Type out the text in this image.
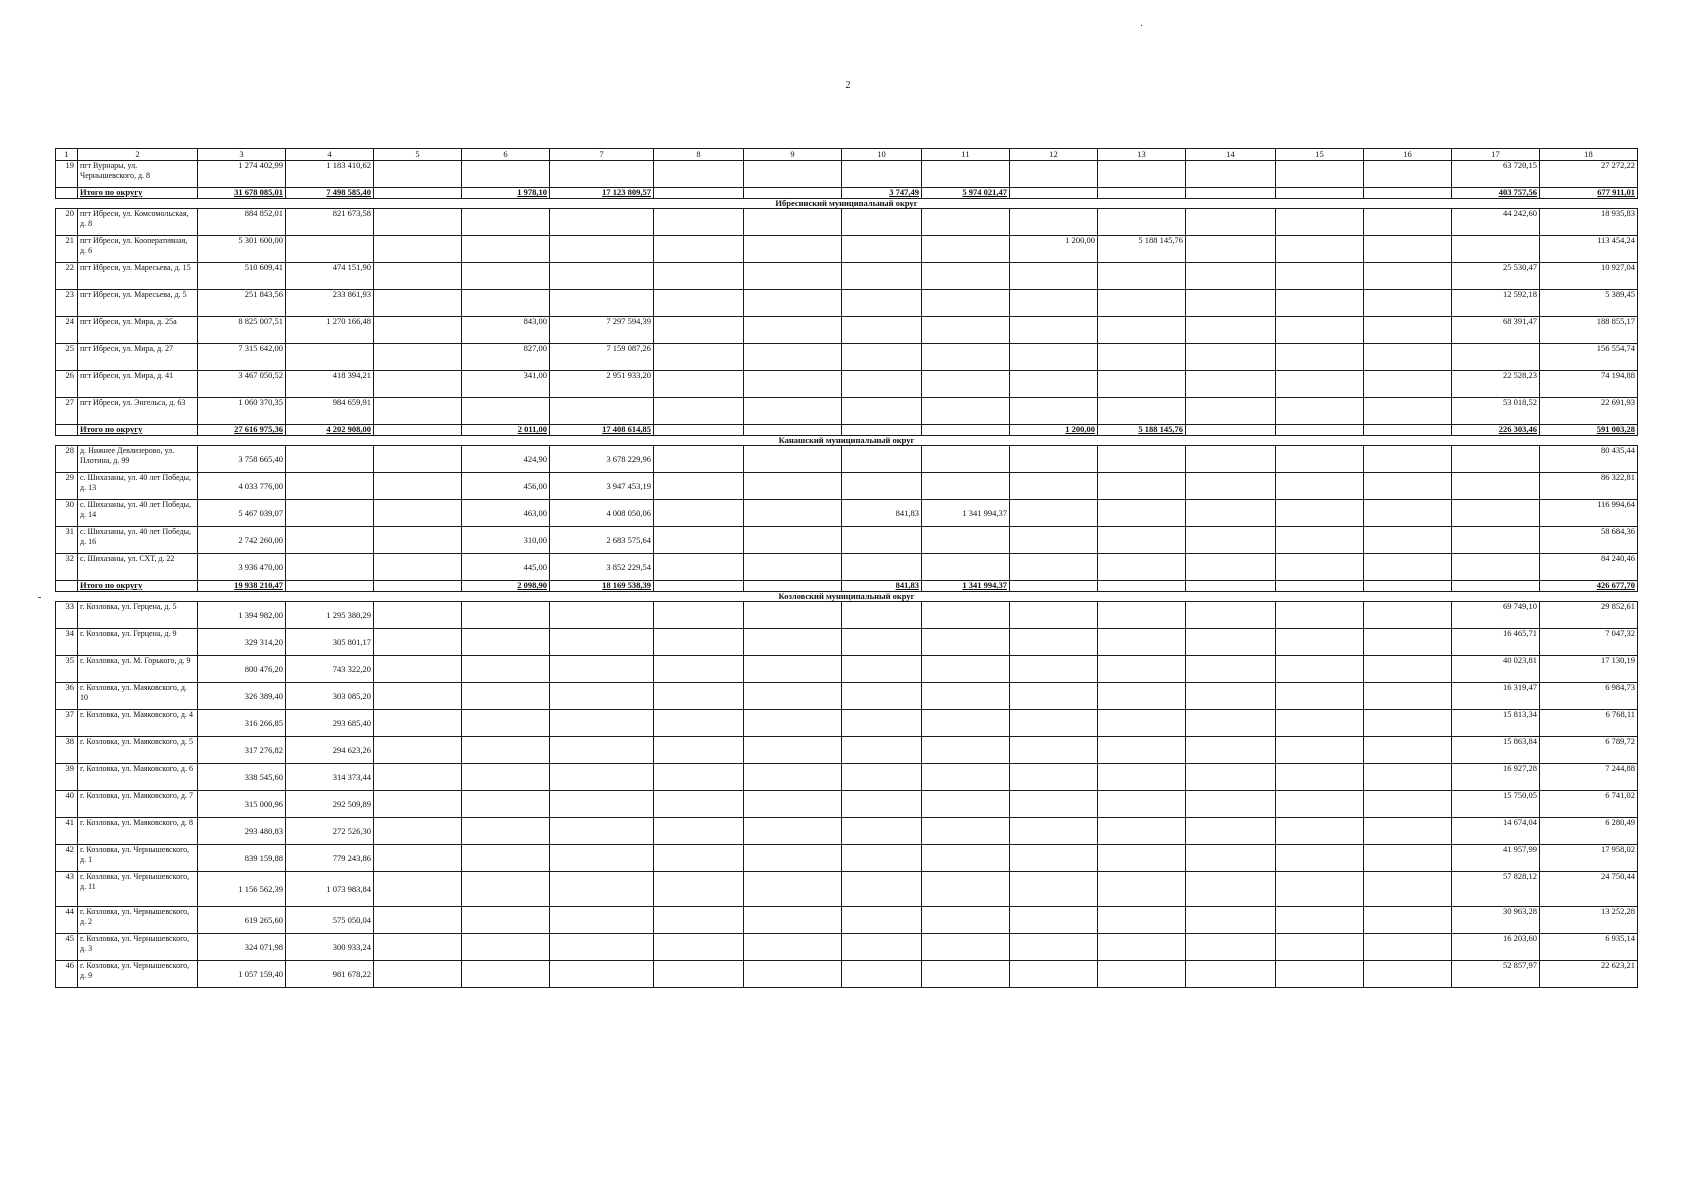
2
·
-
1	2	3	4	5	6	7	8	9	10	11	12	13	14	15	16	17	18
19	пгт Вурнары, ул. Чернышевского, д. 8	1 274 402,99	1 183 410,62													63 720,15	27 272,22
	Итого по округу	31 678 085,01	7 498 585,40		1 978,10	17 123 809,57			3 747,49	5 974 021,47						403 757,56	677 911,01
Ибресинский муниципальный округ																	
20	пгт Ибреси, ул. Комсомольская, д. 8	884 852,01	821 673,58													44 242,60	18 935,83
21	пгт Ибреси, ул. Кооперативная, д. 6	5 301 600,00									1 200,00	5 188 145,76					113 454,24
22	пгт Ибреси, ул. Маресьева, д. 15	510 609,41	474 151,90													25 530,47	10 927,04
23	пгт Ибреси, ул. Маресьева, д. 5	251 843,56	233 861,93													12 592,18	5 389,45
24	пгт Ибреси, ул. Мира, д. 25а	8 825 007,51	1 270 166,48		843,00	7 297 594,39										68 391,47	188 855,17
25	пгт Ибреси, ул. Мира, д. 27	7 315 642,00			827,00	7 159 087,26											156 554,74
26	пгт Ибреси, ул. Мира, д. 41	3 467 050,52	418 394,21		341,00	2 951 933,20										22 528,23	74 194,88
27	пгт Ибреси, ул. Энгельса, д. 63	1 060 370,35	984 659,91													53 018,52	22 691,93
	Итого по округу	27 616 975,36	4 202 908,00		2 011,00	17 408 614,85					1 200,00	5 188 145,76				226 303,46	591 003,28
Канашский муниципальный округ																	
28	д. Нижнее Девлизерово, ул. Плотина, д. 99	3 758 665,40			424,90	3 678 229,96											80 435,44
29	с. Шихазаны, ул. 40 лет Победы, д. 13	4 033 776,00			456,00	3 947 453,19											86 322,81
30	с. Шихазаны, ул. 40 лет Победы, д. 14	5 467 039,07			463,00	4 008 050,06			841,83	1 341 994,37							116 994,64
31	с. Шихазаны, ул. 40 лет Победы, д. 16	2 742 260,00			310,00	2 683 575,64											58 684,36
32	с. Шихазаны, ул. СХТ, д. 22	3 936 470,00			445,00	3 852 229,54											84 240,46
	Итого по округу	19 938 210,47			2 098,90	18 169 538,39			841,83	1 341 994,37							426 677,70
Козловский муниципальный округ																	
33	г. Козловка, ул. Герцена, д. 5	1 394 982,00	1 295 380,29													69 749,10	29 852,61
34	г. Козловка, ул. Герцена, д. 9	329 314,20	305 801,17													16 465,71	7 047,32
35	г. Козловка, ул. М. Горького, д. 9	800 476,20	743 322,20													40 023,81	17 130,19
36	г. Козловка, ул. Маяковского, д. 10	326 389,40	303 085,20													16 319,47	6 984,73
37	г. Козловка, ул. Маяковского, д. 4	316 266,85	293 685,40													15 813,34	6 768,11
38	г. Козловка, ул. Маяковского, д. 5	317 276,82	294 623,26													15 863,84	6 789,72
39	г. Козловка, ул. Маяковского, д. 6	338 545,60	314 373,44													16 927,28	7 244,88
40	г. Козловка, ул. Маяковского, д. 7	315 000,96	292 509,89													15 750,05	6 741,02
41	г. Козловка, ул. Маяковского, д. 8	293 480,83	272 526,30													14 674,04	6 280,49
42	г. Козловка, ул. Чернышевского, д. 1	839 159,88	779 243,86													41 957,99	17 958,02
43	г. Козловка, ул. Чернышевского, д. 11	1 156 562,39	1 073 983,84													57 828,12	24 750,44
44	г. Козловка, ул. Чернышевского, д. 2	619 265,60	575 050,04													30 963,28	13 252,28
45	г. Козловка, ул. Чернышевского, д. 3	324 071,98	300 933,24													16 203,60	6 935,14
46	г. Козловка, ул. Чернышевского, д. 9	1 057 159,40	981 678,22													52 857,97	22 623,21
